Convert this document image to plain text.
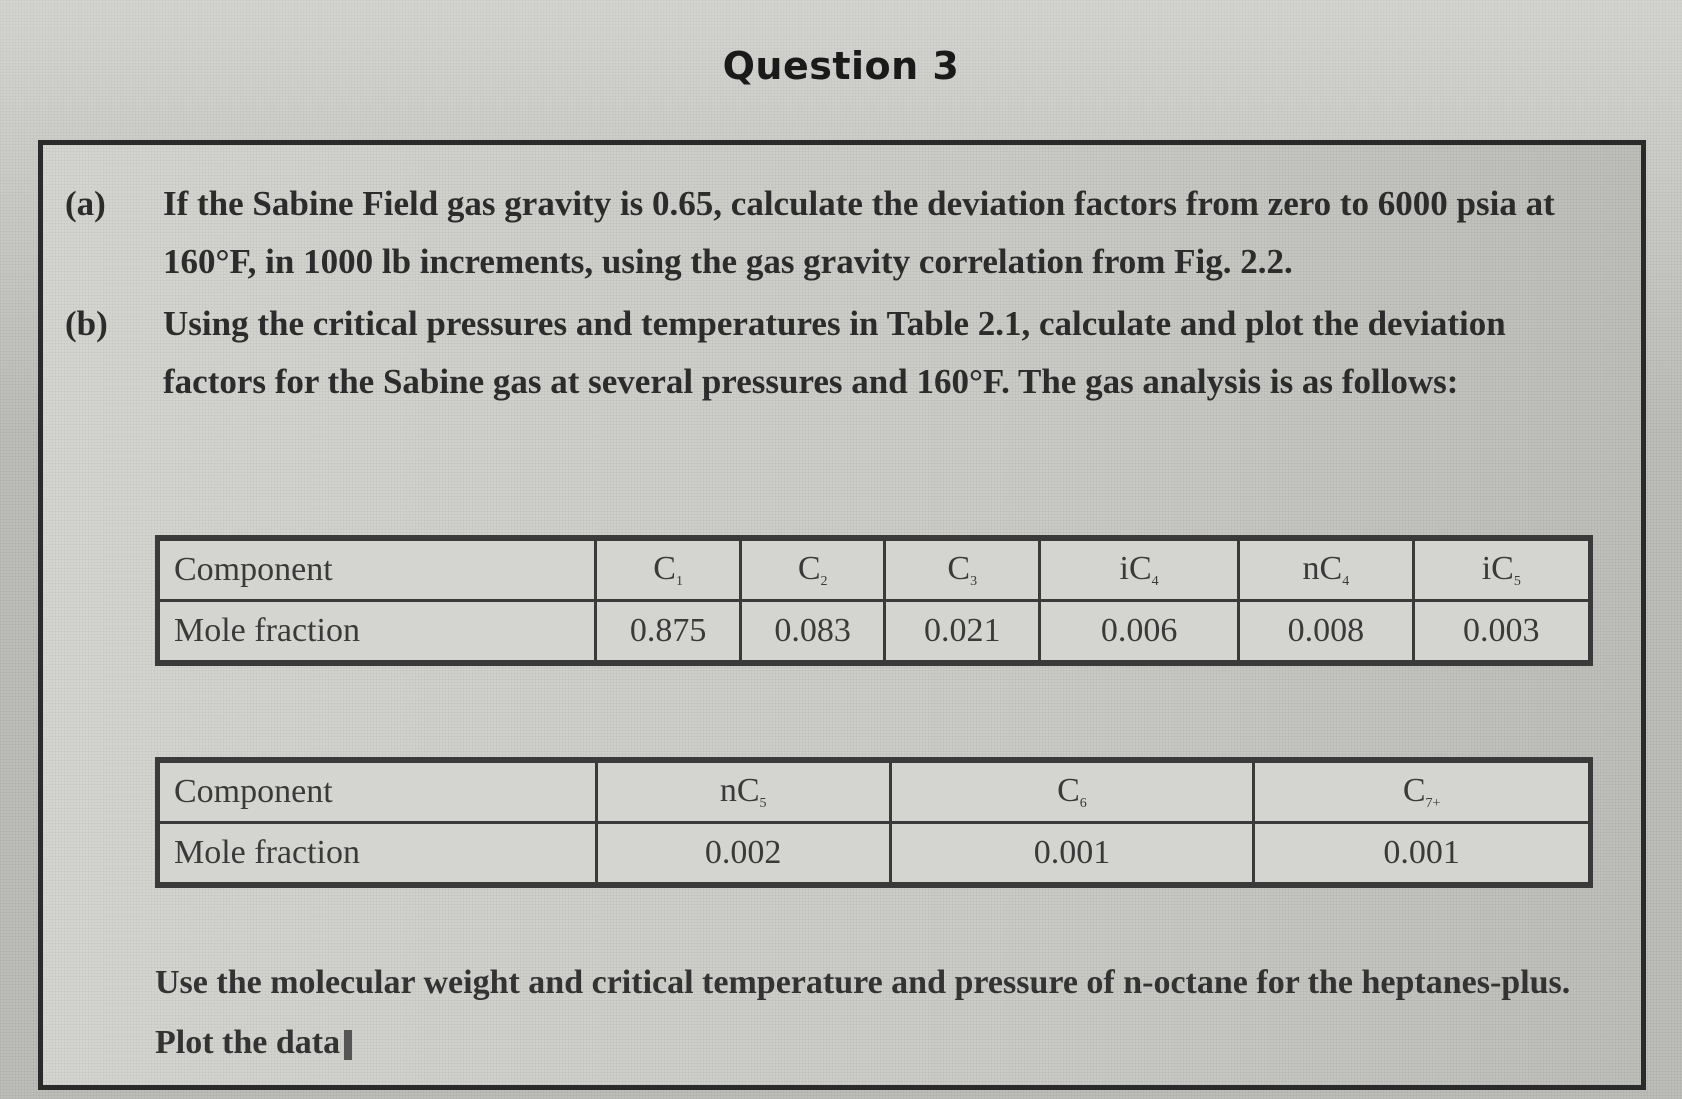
Question 3
(a) If the Sabine Field gas gravity is 0.65, calculate the deviation factors from zero to 6000 psia at 160°F, in 1000 lb increments, using the gas gravity correlation from Fig. 2.2.
(b) Using the critical pressures and temperatures in Table 2.1, calculate and plot the deviation factors for the Sabine gas at several pressures and 160°F. The gas analysis is as follows:
Component	$C_1$	$C_2$	$C_3$	$iC_4$	$nC_4$	$iC_5$
Mole fraction	0.875	0.083	0.021	0.006	0.008	0.003
Component	$nC_5$	$C_6$	$C_{7+}$
Mole fraction	0.002	0.001	0.001
Use the molecular weight and critical temperature and pressure of n-octane for the heptanes-plus. Plot the data
